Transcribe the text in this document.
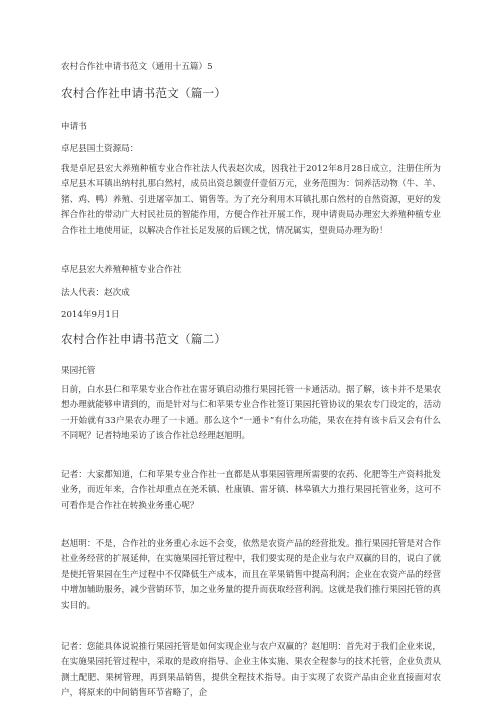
农村合作社申请书范文（通用十五篇）5
农村合作社申请书范文（篇一）
申请书
卓尼县国土资源局：
我是卓尼县宏大养殖种植专业合作社法人代表赵次成，因我社于2012年8月28日成立，注册住所为卓尼县木耳镇出纳村扎那白然村，成员出资总额壹仟壹佰万元，业务范围为：饲养活动物（牛、羊、猪、鸡、鸭）养殖、引进屠宰加工、销售等。为了充分利用木耳镇扎那白然村的自然资源，更好的发挥合作社的带动广大村民社员的智能作用，方便合作社开展工作，现申请贵局办理宏大养殖种植专业合作社土地使用证，以解决合作社长足发展的后顾之忧，情况属实，望贵局办理为盼！
卓尼县宏大养殖种植专业合作社
法人代表：赵次成
2014年9月1日
农村合作社申请书范文（篇二）
果园托管
日前，白水县仁和苹果专业合作社在雷牙镇启动推行果园托管一卡通活动。据了解，该卡并不是果农想办理就能够申请到的，而是针对与仁和苹果专业合作社签订果园托管协议的果农专门设定的，活动一开始就有33户果农办理了一卡通。那么这个“一通卡”有什么功能，果农在持有该卡后又会有什么不同呢？记者特地采访了该合作社总经理赵旭明。
记者：大家都知道，仁和苹果专业合作社一直都是从事果园管理所需要的农药、化肥等生产资料批发业务，而近年来，合作社却重点在尧禾镇、杜康镇、雷牙镇、林皋镇大力推行果园托管业务，这可不可看作是合作社在转换业务重心呢？
赵旭明：不是，合作社的业务重心永远不会变，依然是农资产品的经营批发。推行果园托管是对合作社业务经营的扩展延伸，在实施果园托管过程中，我们要实现的是企业与农户双赢的目的，说白了就是使托管果园在生产过程中不仅降低生产成本，而且在苹果销售中提高利润；企业在农资产品的经营中增加辅助服务，减少营销环节，加之业务量的提升而获取经营利润。这就是我们推行果园托管的真实目的。
记者：您能具体说说推行果园托管是如何实现企业与农户双赢的？赵旭明：首先对于我们企业来说，在实施果园托管过程中，采取的是政府指导、企业主体实施、果农全程参与的技术托管，企业负责从测土配肥、果树管理，再到果品销售，提供全程技术指导。由于实现了农资产品由企业直接面对农户，将原来的中间销售环节省略了，企
